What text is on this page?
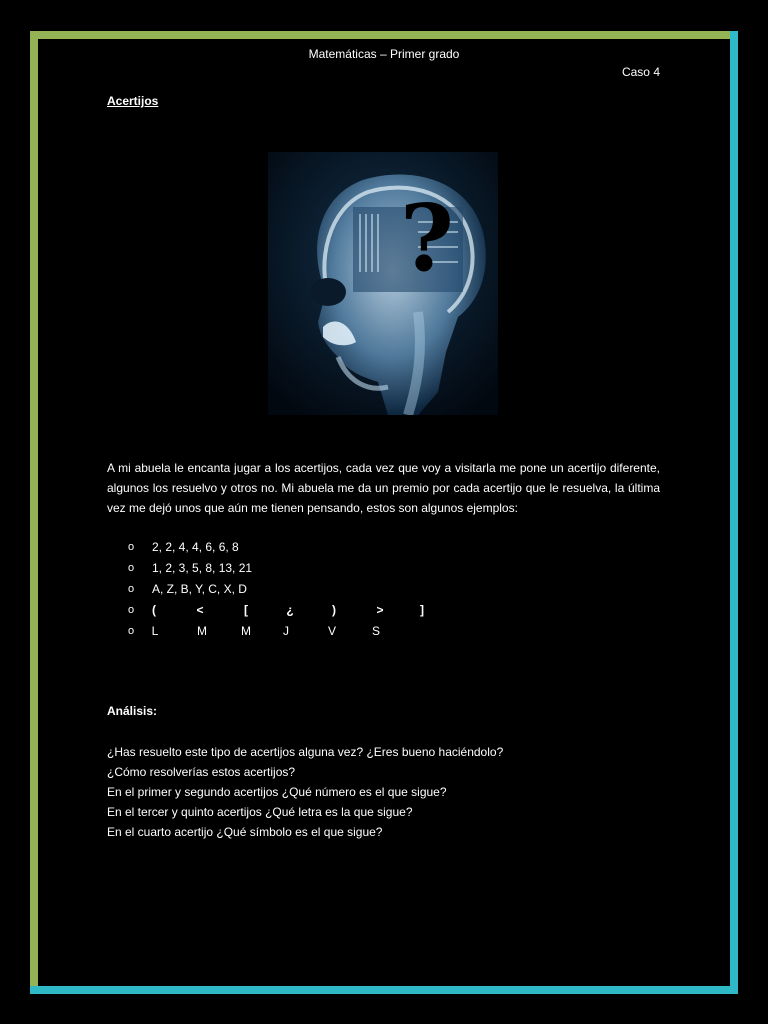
Matemáticas – Primer grado
Caso 4
Acertijos
?
A mi abuela le encanta jugar a los acertijos, cada vez que voy a visitarla me pone un acertijo diferente, algunos los resuelvo y otros no. Mi abuela me da un premio por cada acertijo que le resuelva, la última vez me dejó unos que aún me tienen pensando, estos son algunos ejemplos:
o 2, 2, 4, 4, 6, 6, 8
o 1, 2, 3, 5, 8, 13, 21
o A, Z, B, Y, C, X, D
o	(	<	[	¿	)	>	]
o	L	M	M	J	V	S
Análisis:
¿Has resuelto este tipo de acertijos alguna vez? ¿Eres bueno haciéndolo?
¿Cómo resolverías estos acertijos?
En el primer y segundo acertijos ¿Qué número es el que sigue?
En el tercer y quinto acertijos ¿Qué letra es la que sigue?
En el cuarto acertijo ¿Qué símbolo es el que sigue?
